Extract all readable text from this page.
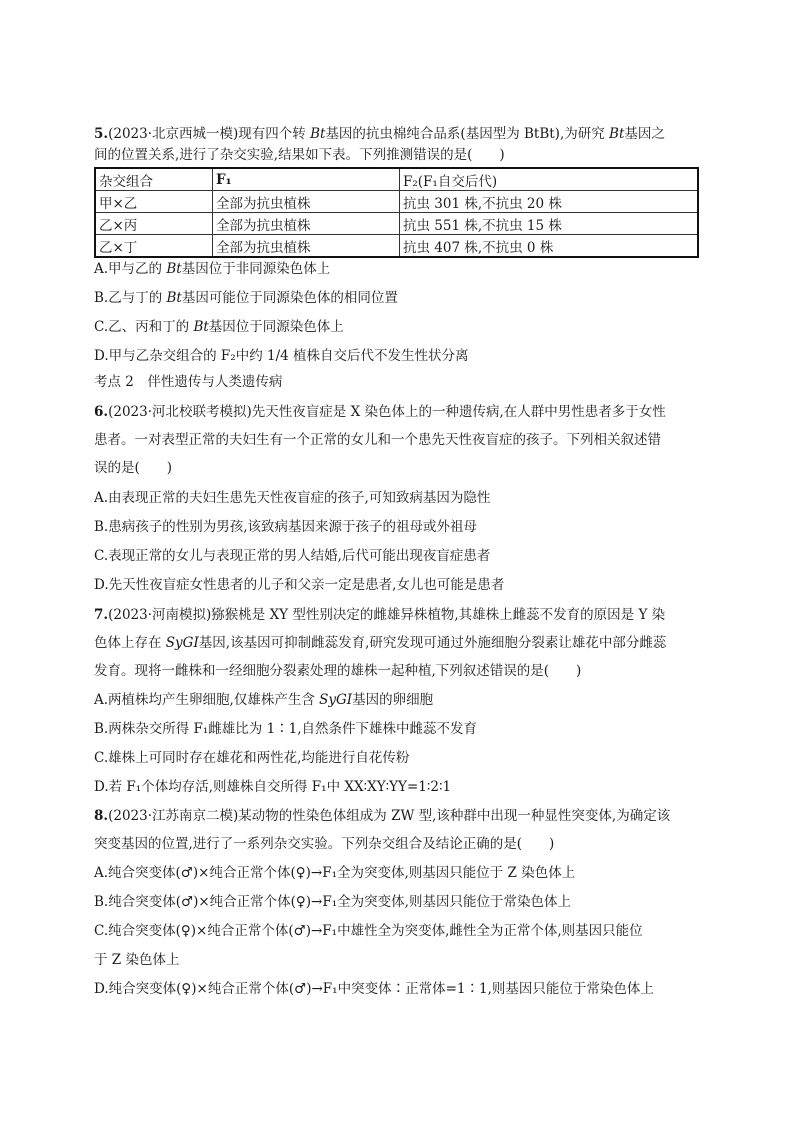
5.(2023·北京西城一模)现有四个转 Bt基因的抗虫棉纯合品系(基因型为 BtBt),为研究 Bt基因之
间的位置关系,进行了杂交实验,结果如下表。下列推测错误的是(　　)
杂交组合	F₁	F₂(F₁自交后代)
甲×乙	全部为抗虫植株	抗虫 301 株,不抗虫 20 株
乙×丙	全部为抗虫植株	抗虫 551 株,不抗虫 15 株
乙×丁	全部为抗虫植株	抗虫 407 株,不抗虫 0 株
A.甲与乙的 Bt基因位于非同源染色体上
B.乙与丁的 Bt基因可能位于同源染色体的相同位置
C.乙、丙和丁的 Bt基因位于同源染色体上
D.甲与乙杂交组合的 F₂中约 1/4 植株自交后代不发生性状分离
考点 2　伴性遗传与人类遗传病
6.(2023·河北校联考模拟)先天性夜盲症是 X 染色体上的一种遗传病,在人群中男性患者多于女性
患者。一对表型正常的夫妇生有一个正常的女儿和一个患先天性夜盲症的孩子。下列相关叙述错
误的是(　　)
A.由表现正常的夫妇生患先天性夜盲症的孩子,可知致病基因为隐性
B.患病孩子的性别为男孩,该致病基因来源于孩子的祖母或外祖母
C.表现正常的女儿与表现正常的男人结婚,后代可能出现夜盲症患者
D.先天性夜盲症女性患者的儿子和父亲一定是患者,女儿也可能是患者
7.(2023·河南模拟)猕猴桃是 XY 型性别决定的雌雄异株植物,其雄株上雌蕊不发育的原因是 Y 染
色体上存在 SyGI基因,该基因可抑制雌蕊发育,研究发现可通过外施细胞分裂素让雄花中部分雌蕊
发育。现将一雌株和一经细胞分裂素处理的雄株一起种植,下列叙述错误的是(　　)
A.两植株均产生卵细胞,仅雄株产生含 SyGI基因的卵细胞
B.两株杂交所得 F₁雌雄比为 1∶1,自然条件下雄株中雌蕊不发育
C.雄株上可同时存在雄花和两性花,均能进行自花传粉
D.若 F₁个体均存活,则雄株自交所得 F₁中 XX∶XY∶YY=1∶2∶1
8.(2023·江苏南京二模)某动物的性染色体组成为 ZW 型,该种群中出现一种显性突变体,为确定该
突变基因的位置,进行了一系列杂交实验。下列杂交组合及结论正确的是(　　)
A.纯合突变体(♂)×纯合正常个体(♀)→F₁全为突变体,则基因只能位于 Z 染色体上
B.纯合突变体(♂)×纯合正常个体(♀)→F₁全为突变体,则基因只能位于常染色体上
C.纯合突变体(♀)×纯合正常个体(♂)→F₁中雄性全为突变体,雌性全为正常个体,则基因只能位
于 Z 染色体上
D.纯合突变体(♀)×纯合正常个体(♂)→F₁中突变体∶正常体=1∶1,则基因只能位于常染色体上
